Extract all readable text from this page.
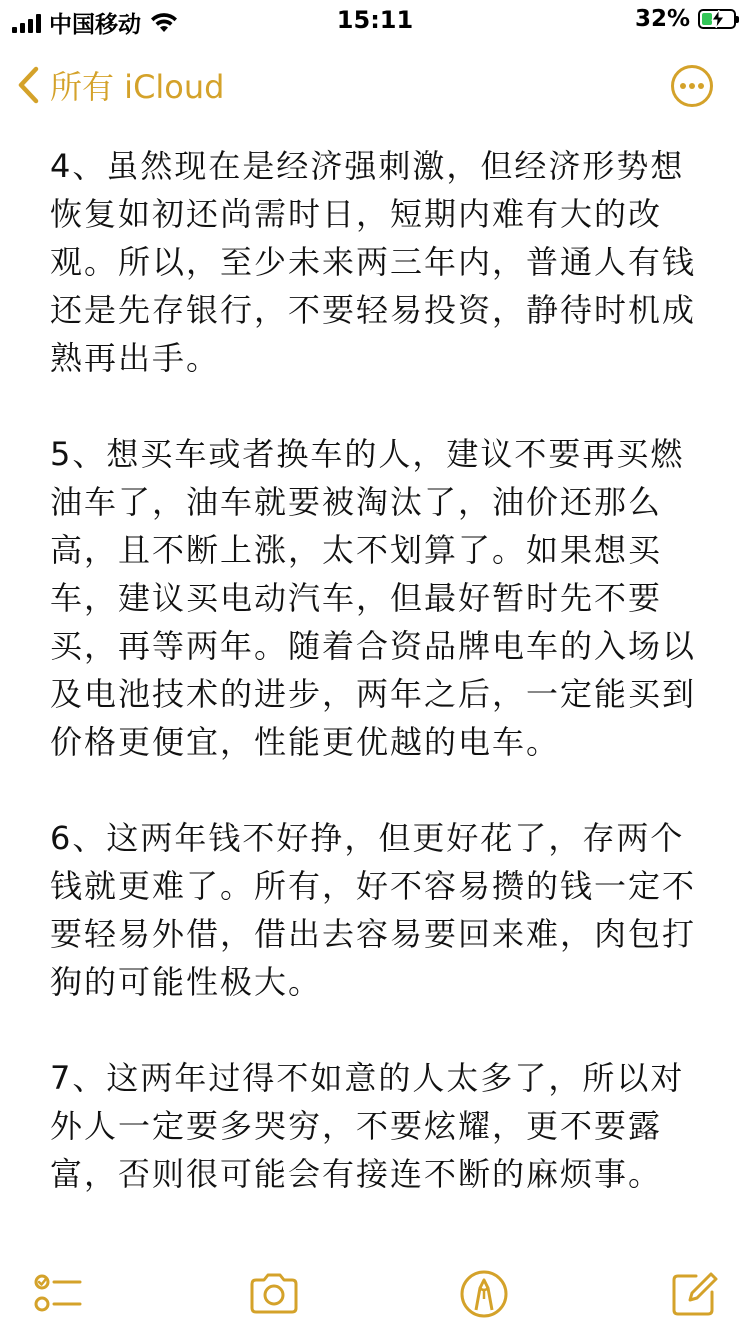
中国移动	15:11	32%
所有 iCloud

4、虽然现在是经济强刺激，但经济形势想恢复如初还尚需时日，短期内难有大的改观。所以，至少未来两三年内，普通人有钱还是先存银行，不要轻易投资，静待时机成熟再出手。

5、想买车或者换车的人，建议不要再买燃油车了，油车就要被淘汰了，油价还那么高，且不断上涨，太不划算了。如果想买车，建议买电动汽车，但最好暂时先不要买，再等两年。随着合资品牌电车的入场以及电池技术的进步，两年之后，一定能买到价格更便宜，性能更优越的电车。

6、这两年钱不好挣，但更好花了，存两个钱就更难了。所有，好不容易攒的钱一定不要轻易外借，借出去容易要回来难，肉包打狗的可能性极大。

7、这两年过得不如意的人太多了，所以对外人一定要多哭穷，不要炫耀，更不要露富，否则很可能会有接连不断的麻烦事。
